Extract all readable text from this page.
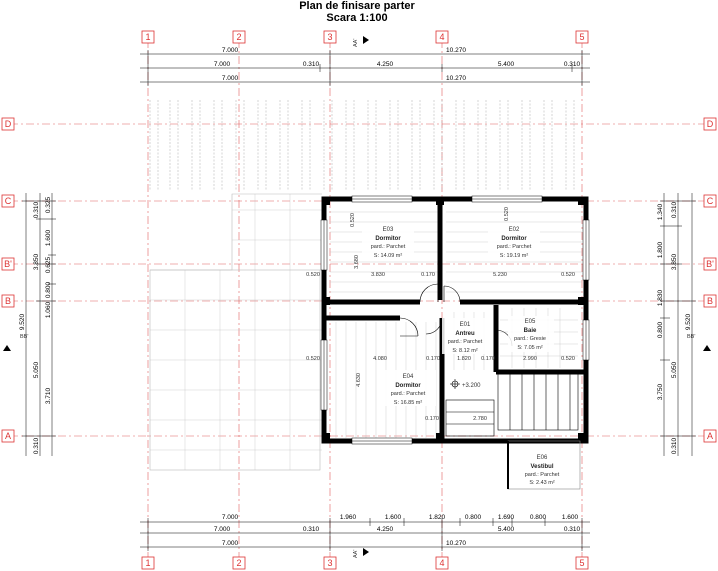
Plan de finisare parter
Scara 1:100
1	2	3	4	5
1	2	3	4	5
D
C
B'
B
A
D
C
B'
B
A
AA'
AA'
BB'	BB'
7.000	10.270
7.000	0.310	4.250	5.400	0.310
7.000	10.270
7.000	1.960	1.600	1.820	0.800	1.690 0.800 1.600
7.000	0.310	4.250	5.400	0.310
7.000	10.270
9.520
0.310
3.850
5.050
0.310
0.325
1.600
0.625
0.800
1.060
3.710
1.340
1.800
1.830
0.800
3.750
0.310
3.850
5.050
0.310
9.520
E03
Dormitor
pard.: Parchet
S: 14.09 m²
E02
Dormitor
pard.: Parchet
S: 19.19 m²
E01
Antreu
pard.: Parchet
S: 8.12 m²
E05
Baie
pard.: Gresie
S: 7.05 m²
E04
Dormitor
pard.: Parchet
S: 16.85 m²
E06
Vestibul
pard.: Parchet
S: 2.43 m²
+3.200
3.830	0.170
3.680
0.520
0.520
5.230	0.520
0.520
4.080
4.630
0.520
0.170
1.820
0.170	0.170	2.990	0.520
2.780
